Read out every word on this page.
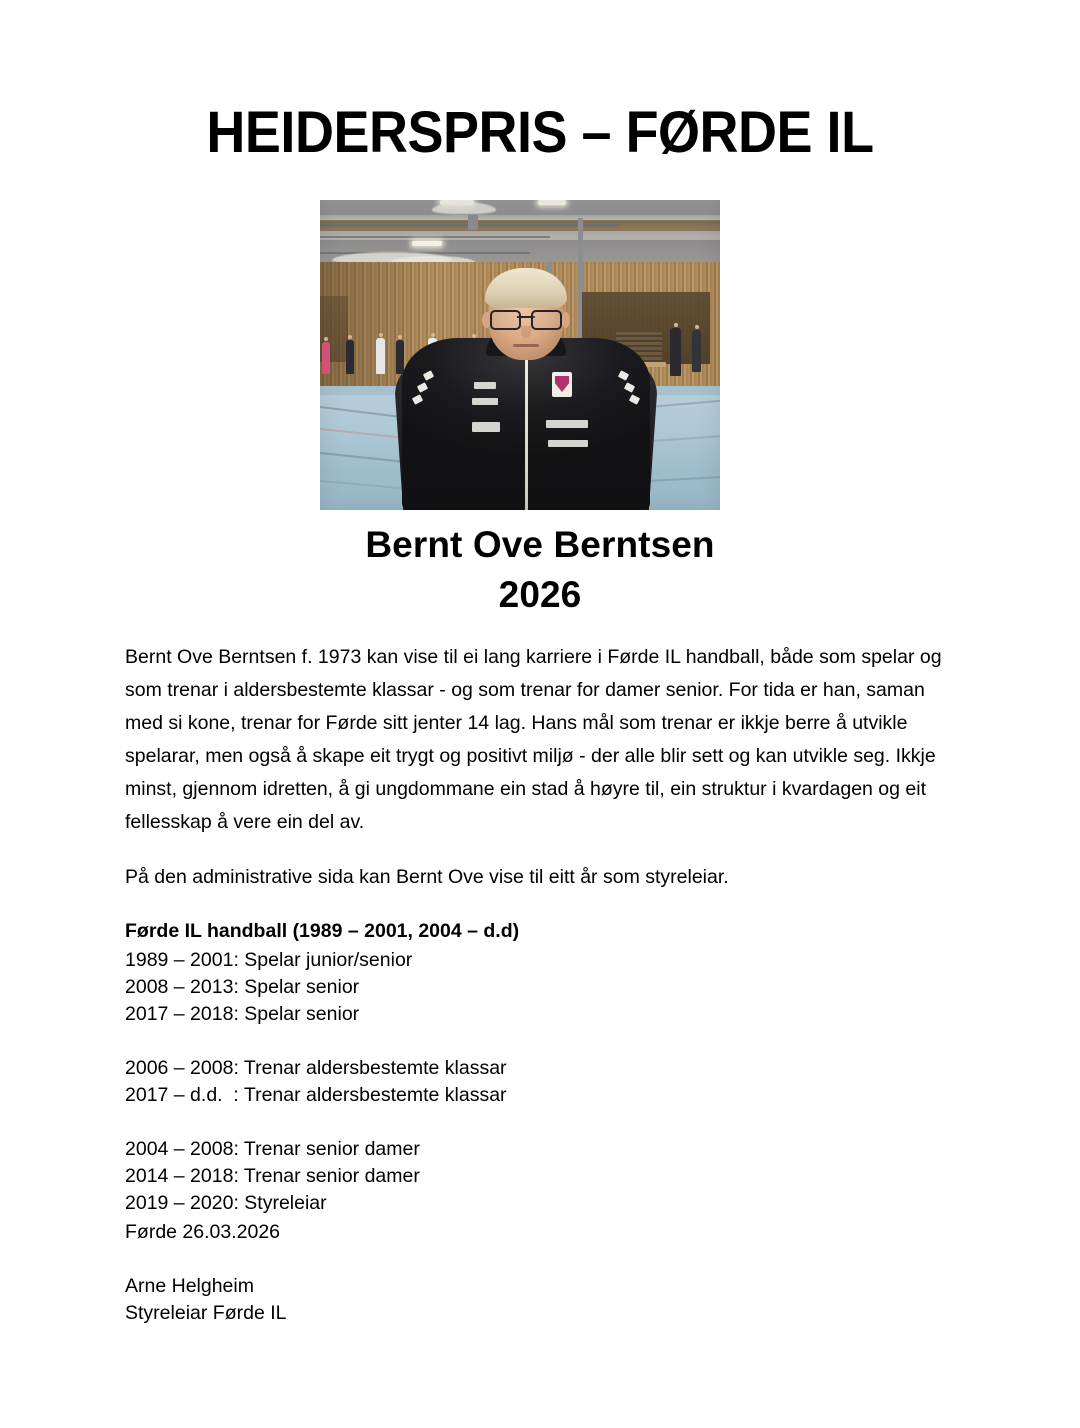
HEIDERSPRIS – FØRDE IL
Bernt Ove Berntsen
2026

Bernt Ove Berntsen f. 1973 kan vise til ei lang karriere i Førde IL handball, både som spelar og som trenar i aldersbestemte klassar - og som trenar for damer senior. For tida er han, saman med si kone, trenar for Førde sitt jenter 14 lag. Hans mål som trenar er ikkje berre å utvikle spelarar, men også å skape eit trygt og positivt miljø - der alle blir sett og kan utvikle seg. Ikkje minst, gjennom idretten, å gi ungdommane ein stad å høyre til, ein struktur i kvardagen og eit fellesskap å vere ein del av.

På den administrative sida kan Bernt Ove vise til eitt år som styreleiar.

Førde IL handball (1989 – 2001, 2004 – d.d)

1989 – 2001: Spelar junior/senior
2008 – 2013: Spelar senior
2017 – 2018: Spelar senior
2006 – 2008: Trenar aldersbestemte klassar
2017 – d.d.  : Trenar aldersbestemte klassar
2004 – 2008: Trenar senior damer
2014 – 2018: Trenar senior damer
2019 – 2020: Styreleiar
Førde 26.03.2026
Arne Helgheim
Styreleiar Førde IL
